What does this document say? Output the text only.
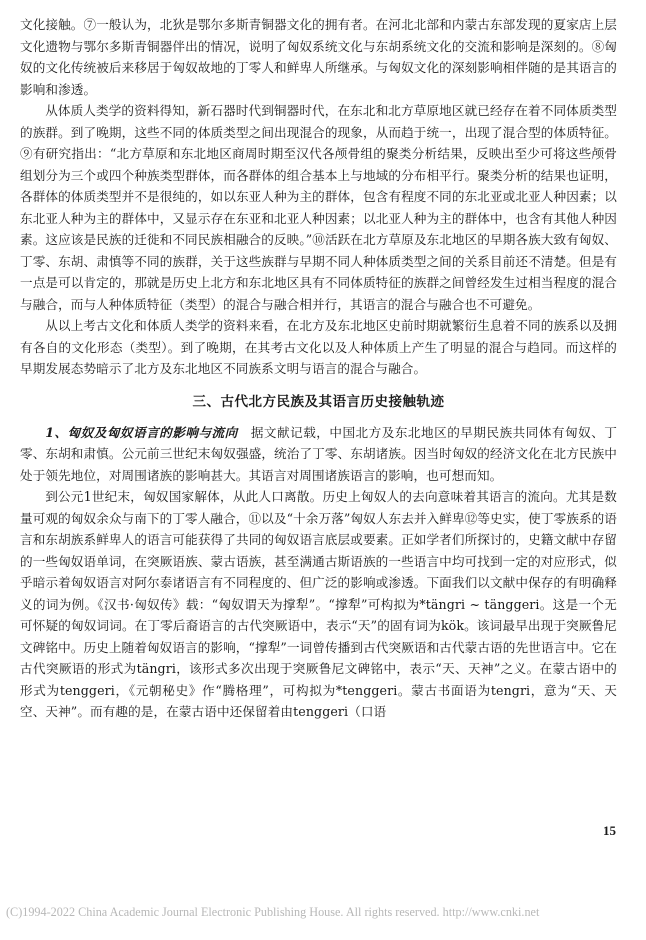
文化接触。⑦一般认为，北狄是鄂尔多斯青铜器文化的拥有者。在河北北部和内蒙古东部发现的夏家店上层文化遗物与鄂尔多斯青铜器伴出的情况，说明了匈奴系统文化与东胡系统文化的交流和影响是深刻的。⑧匈奴的文化传统被后来移居于匈奴故地的丁零人和鲜卑人所继承。与匈奴文化的深刻影响相伴随的是其语言的影响和渗透。

从体质人类学的资料得知，新石器时代到铜器时代，在东北和北方草原地区就已经存在着不同体质类型的族群。到了晚期，这些不同的体质类型之间出现混合的现象，从而趋于统一，出现了混合型的体质特征。⑨有研究指出：“北方草原和东北地区商周时期至汉代各颅骨组的聚类分析结果，反映出至少可将这些颅骨组划分为三个或四个种族类型群体，而各群体的组合基本上与地域的分布相平行。聚类分析的结果也证明，各群体的体质类型并不是很纯的，如以东亚人种为主的群体，包含有程度不同的东北亚或北亚人种因素；以东北亚人种为主的群体中，又显示存在东亚和北亚人种因素；以北亚人种为主的群体中，也含有其他人种因素。这应该是民族的迁徙和不同民族相融合的反映。”⑩活跃在北方草原及东北地区的早期各族大致有匈奴、丁零、东胡、肃慎等不同的族群，关于这些族群与早期不同人种体质类型之间的关系目前还不清楚。但是有一点是可以肯定的，那就是历史上北方和东北地区具有不同体质特征的族群之间曾经发生过相当程度的混合与融合，而与人种体质特征（类型）的混合与融合相并行，其语言的混合与融合也不可避免。

从以上考古文化和体质人类学的资料来看，在北方及东北地区史前时期就繁衍生息着不同的族系以及拥有各自的文化形态（类型）。到了晚期，在其考古文化以及人种体质上产生了明显的混合与趋同。而这样的早期发展态势暗示了北方及东北地区不同族系文明与语言的混合与融合。

三、古代北方民族及其语言历史接触轨迹

1、匈奴及匈奴语言的影响与流向　据文献记载，中国北方及东北地区的早期民族共同体有匈奴、丁零、东胡和肃慎。公元前三世纪末匈奴强盛，统治了丁零、东胡诸族。因当时匈奴的经济文化在北方民族中处于领先地位，对周围诸族的影响甚大。其语言对周围诸族语言的影响，也可想而知。

到公元1世纪末，匈奴国家解体，从此人口离散。历史上匈奴人的去向意味着其语言的流向。尤其是数量可观的匈奴余众与南下的丁零人融合，⑪以及“十余万落”匈奴人东去并入鲜卑⑫等史实，使丁零族系的语言和东胡族系鲜卑人的语言可能获得了共同的匈奴语言底层或要素。正如学者们所探讨的，史籍文献中存留的一些匈奴语单词，在突厥语族、蒙古语族，甚至满通古斯语族的一些语言中均可找到一定的对应形式，似乎暗示着匈奴语言对阿尔泰诸语言有不同程度的、但广泛的影响或渗透。下面我们以文献中保存的有明确释义的词为例。《汉书·匈奴传》载：“匈奴谓天为撑犁”。“撑犁”可构拟为*tängri ~ tänggeri。这是一个无可怀疑的匈奴词词。在丁零后裔语言的古代突厥语中，表示“天”的固有词为kök。该词最早出现于突厥鲁尼文碑铭中。历史上随着匈奴语言的影响，“撑犁”一词曾传播到古代突厥语和古代蒙古语的先世语言中。它在古代突厥语的形式为tängri，该形式多次出现于突厥鲁尼文碑铭中，表示“天、天神”之义。在蒙古语中的形式为tenggeri，《元朝秘史》作“腾格理”，可构拟为*tenggeri。蒙古书面语为tengri，意为“天、天空、天神”。而有趣的是，在蒙古语中还保留着由tenggeri（口语

15
(C)1994-2022 China Academic Journal Electronic Publishing House. All rights reserved. http://www.cnki.net
